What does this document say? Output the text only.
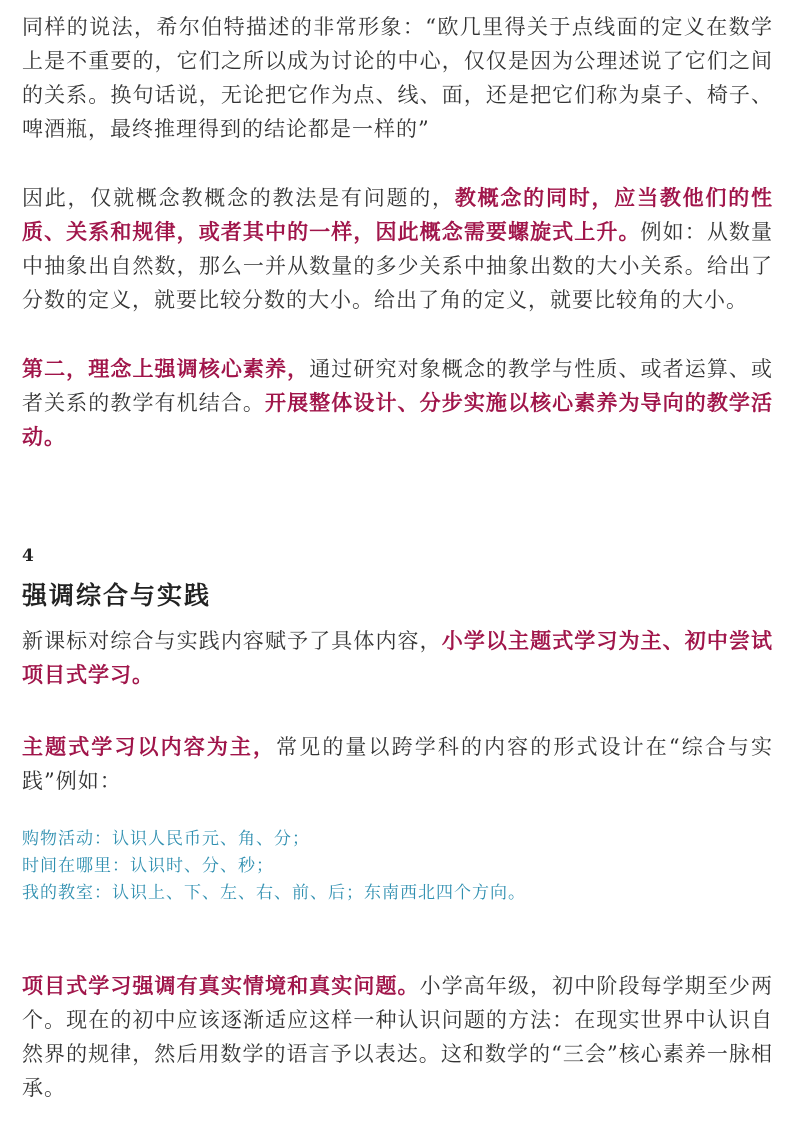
同样的说法，希尔伯特描述的非常形象：“欧几里得关于点线面的定义在数学上是不重要的，它们之所以成为讨论的中心，仅仅是因为公理述说了它们之间的关系。换句话说，无论把它作为点、线、面，还是把它们称为桌子、椅子、啤酒瓶，最终推理得到的结论都是一样的”

因此，仅就概念教概念的教法是有问题的，教概念的同时，应当教他们的性质、关系和规律，或者其中的一样，因此概念需要螺旋式上升。例如：从数量中抽象出自然数，那么一并从数量的多少关系中抽象出数的大小关系。给出了分数的定义，就要比较分数的大小。给出了角的定义，就要比较角的大小。

第二，理念上强调核心素养，通过研究对象概念的教学与性质、或者运算、或者关系的教学有机结合。开展整体设计、分步实施以核心素养为导向的教学活动。

4

强调综合与实践

新课标对综合与实践内容赋予了具体内容，小学以主题式学习为主、初中尝试项目式学习。

主题式学习以内容为主，常见的量以跨学科的内容的形式设计在“综合与实践”例如：

购物活动：认识人民币元、角、分；

时间在哪里：认识时、分、秒；

我的教室：认识上、下、左、右、前、后；东南西北四个方向。

项目式学习强调有真实情境和真实问题。小学高年级，初中阶段每学期至少两个。现在的初中应该逐渐适应这样一种认识问题的方法：在现实世界中认识自然界的规律，然后用数学的语言予以表达。这和数学的“三会”核心素养一脉相承。
